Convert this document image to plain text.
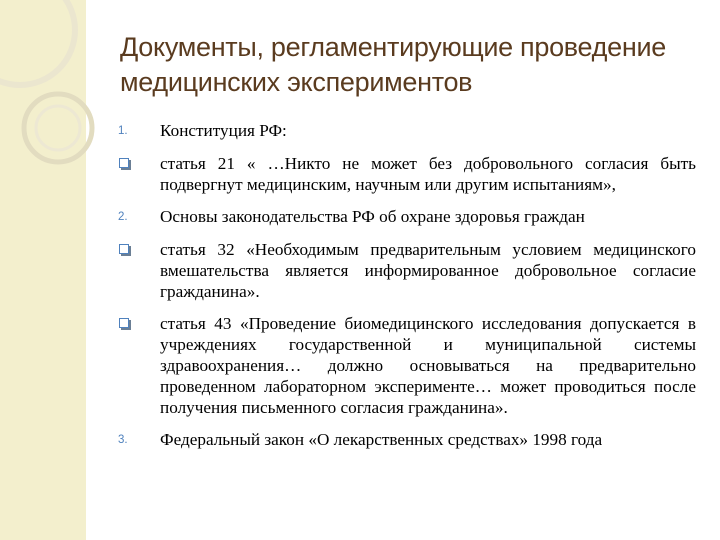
Документы, регламентирующие проведение медицинских экспериментов
1.	Конституция РФ:
статья 21 « …Никто не может без добровольного согласия быть подвергнут медицинским, научным или другим испытаниям»,
2.	Основы законодательства РФ об охране здоровья граждан
статья 32 «Необходимым предварительным условием медицинского вмешательства является информированное добровольное согласие гражданина».
статья 43 «Проведение биомедицинского исследования допускается в учреждениях государственной и муниципальной системы здравоохранения… должно основываться на предварительно проведенном лабораторном эксперименте… может проводиться после получения письменного согласия гражданина».
3.	Федеральный закон «О лекарственных средствах» 1998 года
